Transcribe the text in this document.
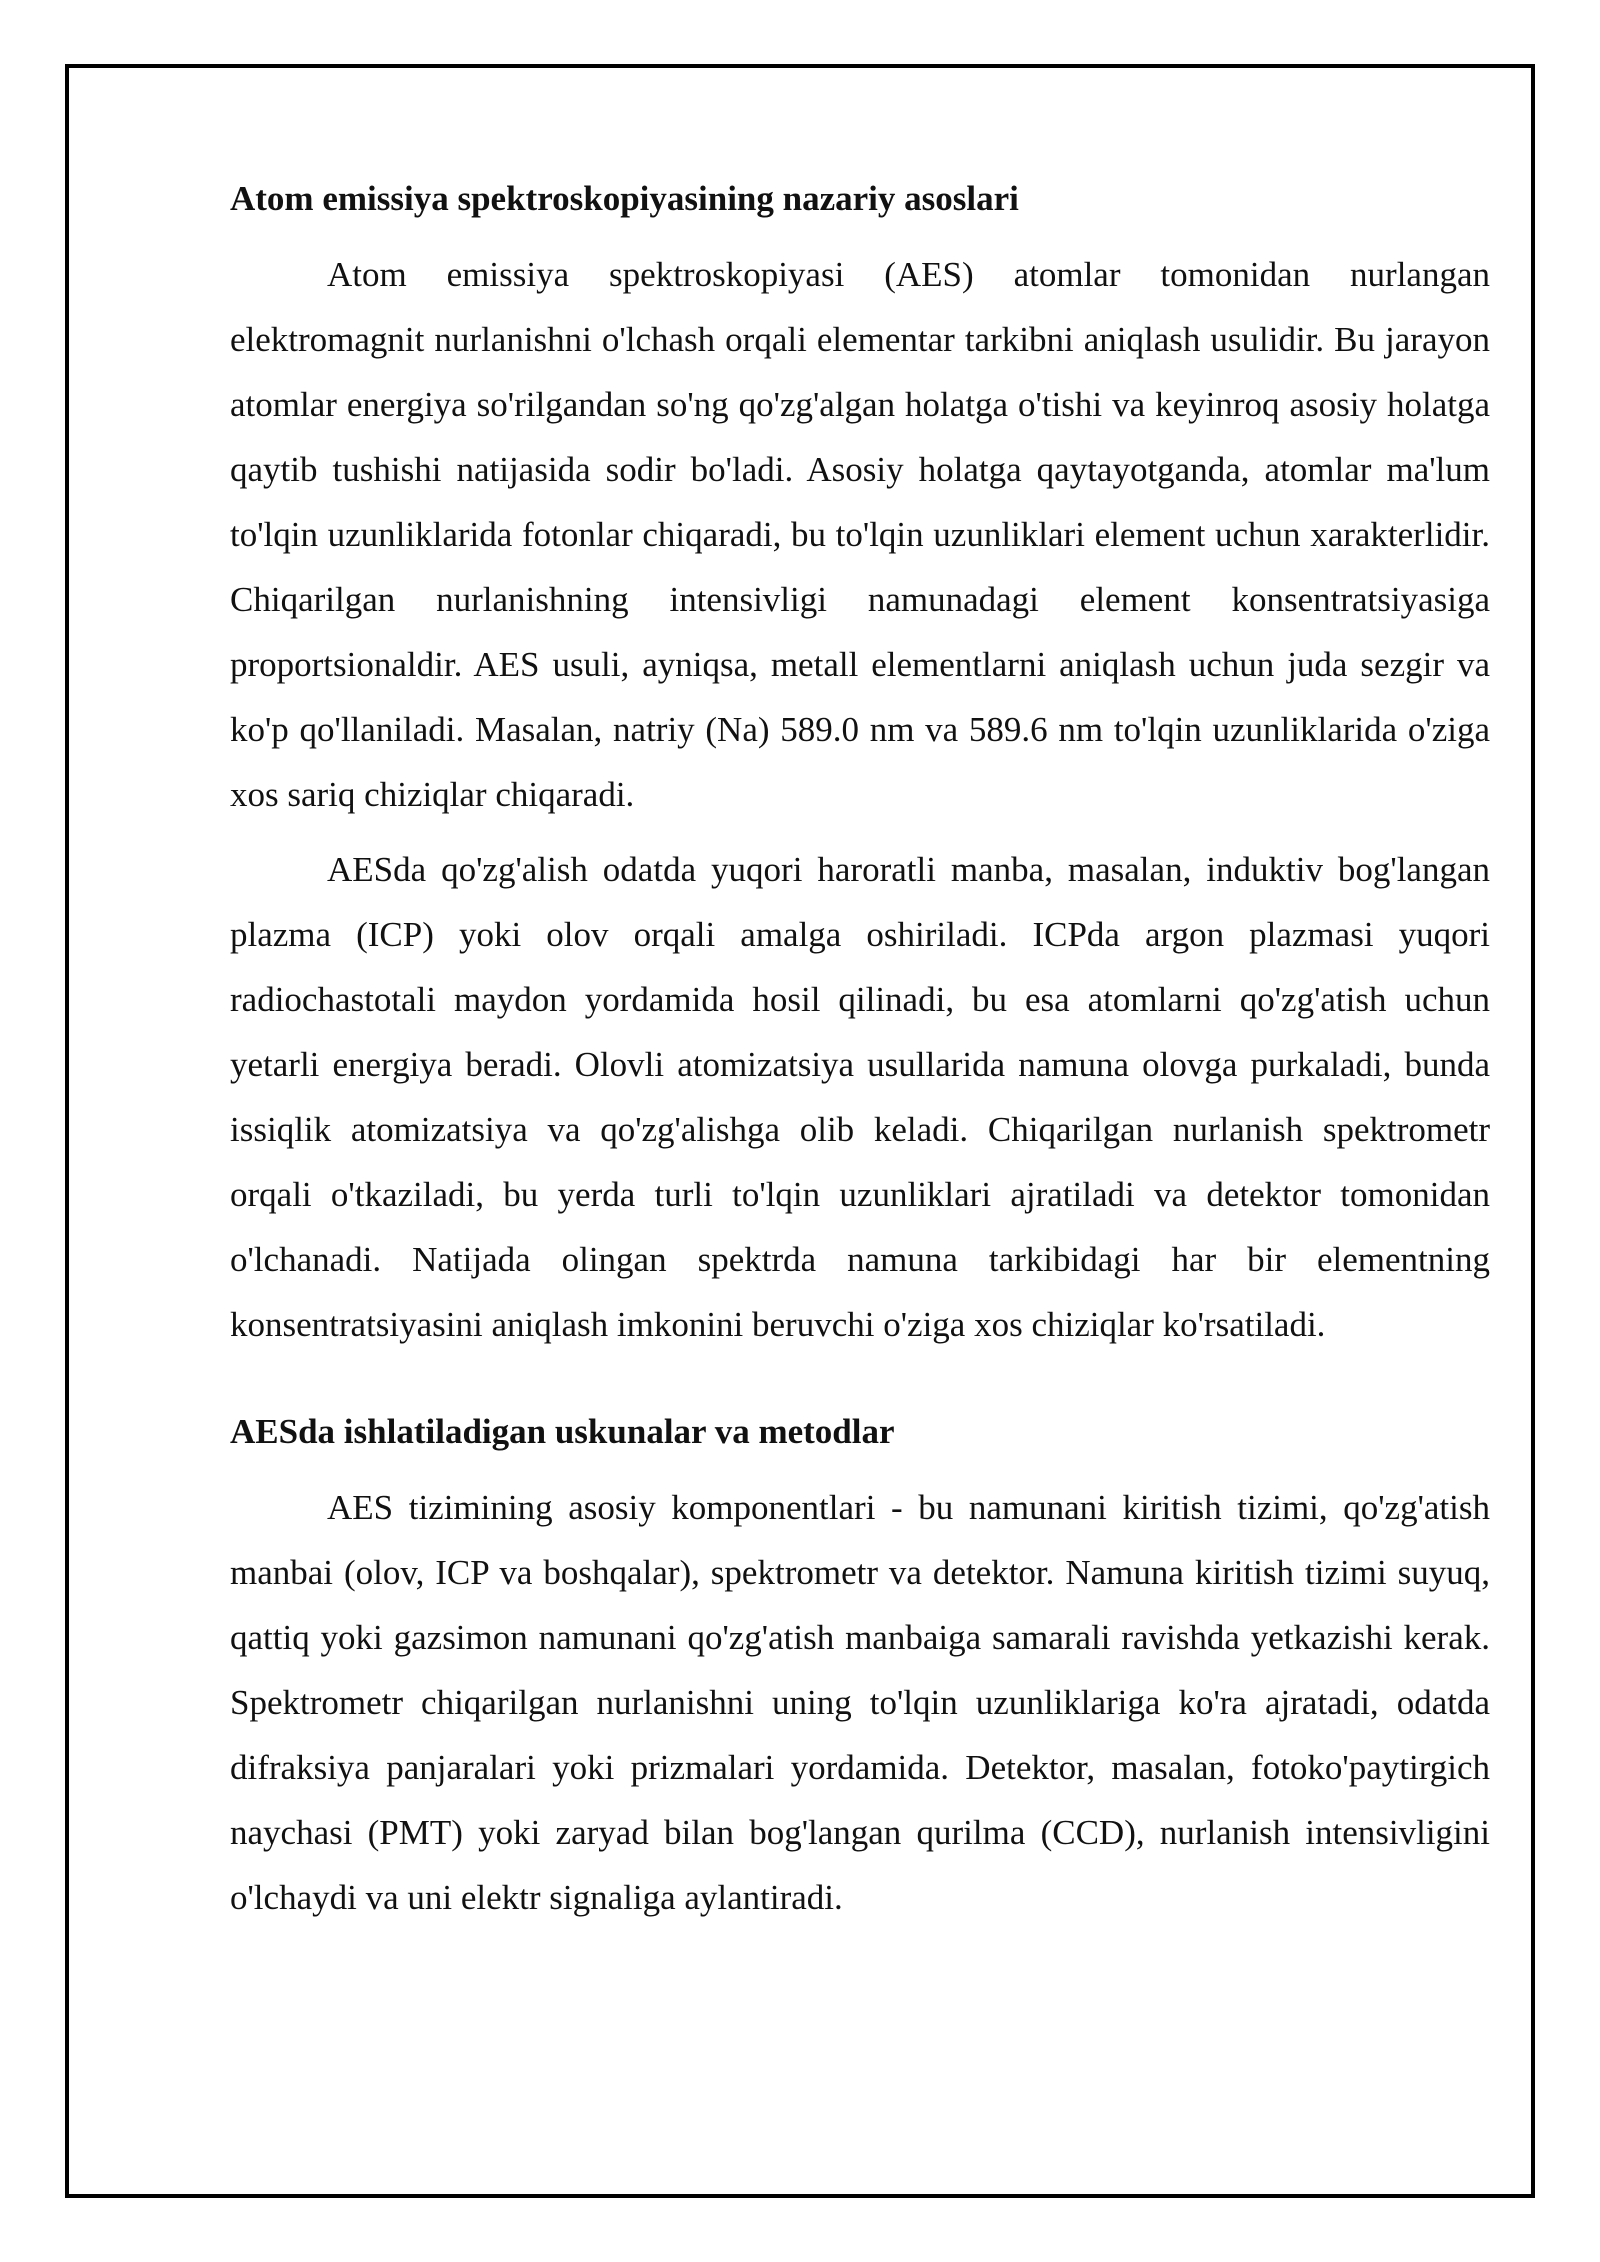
Atom emissiya spektroskopiyasining nazariy asoslari

Atom emissiya spektroskopiyasi (AES) atomlar tomonidan nurlangan elektromagnit nurlanishni o'lchash orqali elementar tarkibni aniqlash usulidir. Bu jarayon atomlar energiya so'rilgandan so'ng qo'zg'algan holatga o'tishi va keyinroq asosiy holatga qaytib tushishi natijasida sodir bo'ladi. Asosiy holatga qaytayotganda, atomlar ma'lum to'lqin uzunliklarida fotonlar chiqaradi, bu to'lqin uzunliklari element uchun xarakterlidir. Chiqarilgan nurlanishning intensivligi namunadagi element konsentratsiyasiga proportsionaldir. AES usuli, ayniqsa, metall elementlarni aniqlash uchun juda sezgir va ko'p qo'llaniladi. Masalan, natriy (Na) 589.0 nm va 589.6 nm to'lqin uzunliklarida o'ziga xos sariq chiziqlar chiqaradi.

AESda qo'zg'alish odatda yuqori haroratli manba, masalan, induktiv bog'langan plazma (ICP) yoki olov orqali amalga oshiriladi. ICPda argon plazmasi yuqori radiochastotali maydon yordamida hosil qilinadi, bu esa atomlarni qo'zg'atish uchun yetarli energiya beradi. Olovli atomizatsiya usullarida namuna olovga purkaladi, bunda issiqlik atomizatsiya va qo'zg'alishga olib keladi. Chiqarilgan nurlanish spektrometr orqali o'tkaziladi, bu yerda turli to'lqin uzunliklari ajratiladi va detektor tomonidan o'lchanadi. Natijada olingan spektrda namuna tarkibidagi har bir elementning konsentratsiyasini aniqlash imkonini beruvchi o'ziga xos chiziqlar ko'rsatiladi.

AESda ishlatiladigan uskunalar va metodlar

AES tizimining asosiy komponentlari - bu namunani kiritish tizimi, qo'zg'atish manbai (olov, ICP va boshqalar), spektrometr va detektor. Namuna kiritish tizimi suyuq, qattiq yoki gazsimon namunani qo'zg'atish manbaiga samarali ravishda yetkazishi kerak. Spektrometr chiqarilgan nurlanishni uning to'lqin uzunliklariga ko'ra ajratadi, odatda difraksiya panjaralari yoki prizmalari yordamida. Detektor, masalan, fotoko'paytirgich naychasi (PMT) yoki zaryad bilan bog'langan qurilma (CCD), nurlanish intensivligini o'lchaydi va uni elektr signaliga aylantiradi.
